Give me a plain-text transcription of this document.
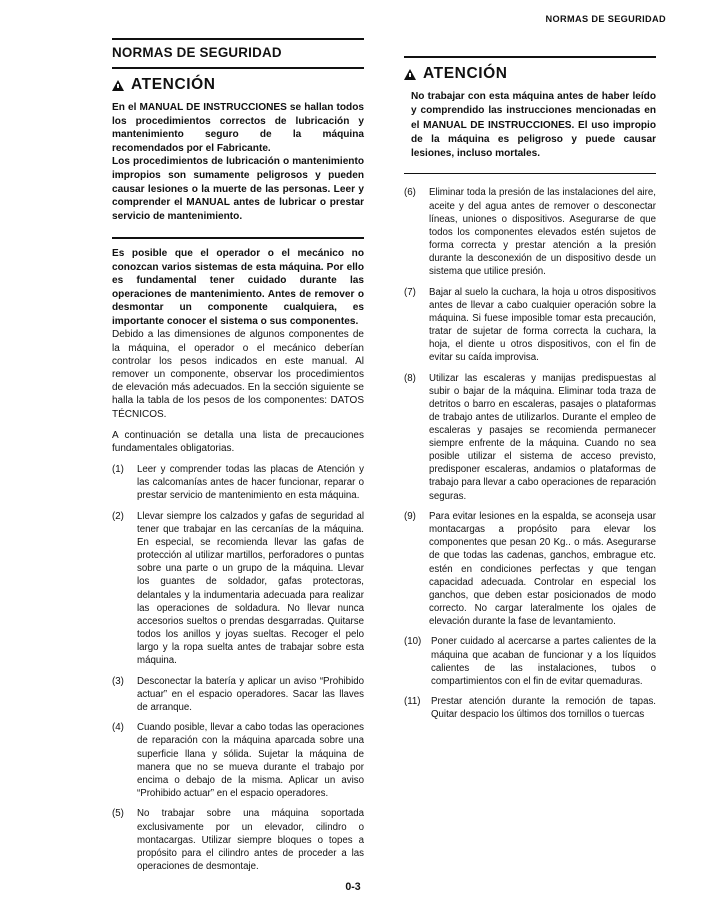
NORMAS DE SEGURIDAD
NORMAS DE SEGURIDAD
ATENCIÓN

En el MANUAL DE INSTRUCCIONES se hallan todos los procedimientos correctos de lubricación y mantenimiento seguro de la máquina recomendados por el Fabricante.

Los procedimientos de lubricación o mantenimiento impropios son sumamente peligrosos y pueden causar lesiones o la muerte de las personas. Leer y comprender el MANUAL antes de lubricar o prestar servicio de mantenimiento.

Es posible que el operador o el mecánico no conozcan varios sistemas de esta máquina. Por ello es fundamental tener cuidado durante las operaciones de mantenimiento. Antes de remover o desmontar un componente cualquiera, es importante conocer el sistema o sus componentes.

Debido a las dimensiones de algunos componentes de la máquina, el operador o el mecánico deberían controlar los pesos indicados en este manual. Al remover un componente, observar los procedimientos de elevación más adecuados. En la sección siguiente se halla la tabla de los pesos de los componentes: DATOS TÉCNICOS.

A continuación se detalla una lista de precauciones fundamentales obligatorias.

(1)	Leer y comprender todas las placas de Atención y las calcomanías antes de hacer funcionar, reparar o prestar servicio de mantenimiento en esta máquina.
(2)	Llevar siempre los calzados y gafas de seguridad al tener que trabajar en las cercanías de la máquina. En especial, se recomienda llevar las gafas de protección al utilizar martillos, perforadores o puntas sobre una parte o un grupo de la máquina. Llevar los guantes de soldador, gafas protectoras, delantales y la indumentaria adecuada para realizar las operaciones de soldadura. No llevar nunca accesorios sueltos o prendas desgarradas. Quitarse todos los anillos y joyas sueltas. Recoger el pelo largo y la ropa suelta antes de trabajar sobre esta máquina.
(3)	Desconectar la batería y aplicar un aviso “Prohibido actuar” en el espacio operadores. Sacar las llaves de arranque.
(4)	Cuando posible, llevar a cabo todas las operaciones de reparación con la máquina aparcada sobre una superficie llana y sólida. Sujetar la máquina de manera que no se mueva durante el trabajo por encima o debajo de la misma. Aplicar un aviso “Prohibido actuar” en el espacio operadores.
(5)	No trabajar sobre una máquina soportada exclusivamente por un elevador, cilindro o montacargas. Utilizar siempre bloques o topes a propósito para el cilindro antes de proceder a las operaciones de desmontaje.
ATENCIÓN

No trabajar con esta máquina antes de haber leído y comprendido las instrucciones mencionadas en el MANUAL DE INSTRUCCIONES. El uso impropio de la máquina es peligroso y puede causar lesiones, incluso mortales.

(6)	Eliminar toda la presión de las instalaciones del aire, aceite y del agua antes de remover o desconectar líneas, uniones o dispositivos. Asegurarse de que todos los componentes elevados estén sujetos de forma correcta y prestar atención a la presión durante la desconexión de un dispositivo desde un sistema que utilice presión.
(7)	Bajar al suelo la cuchara, la hoja u otros dispositivos antes de llevar a cabo cualquier operación sobre la máquina. Si fuese imposible tomar esta precaución, tratar de sujetar de forma correcta la cuchara, la hoja, el diente u otros dispositivos, con el fin de evitar su caída improvisa.
(8)	Utilizar las escaleras y manijas predispuestas al subir o bajar de la máquina. Eliminar toda traza de detritos o barro en escaleras, pasajes o plataformas de trabajo antes de utilizarlos. Durante el empleo de escaleras y pasajes se recomienda permanecer siempre enfrente de la máquina. Cuando no sea posible utilizar el sistema de acceso previsto, predisponer escaleras, andamios o plataformas de trabajo para llevar a cabo operaciones de reparación seguras.
(9)	Para evitar lesiones en la espalda, se aconseja usar montacargas a propósito para elevar los componentes que pesan 20 Kg.. o más. Asegurarse de que todas las cadenas, ganchos, embrague etc. estén en condiciones perfectas y que tengan capacidad adecuada. Controlar en especial los ganchos, que deben estar posicionados de modo correcto. No cargar lateralmente los ojales de elevación durante la fase de levantamiento.
(10)	Poner cuidado al acercarse a partes calientes de la máquina que acaban de funcionar y a los líquidos calientes de las instalaciones, tubos o compartimientos con el fin de evitar quemaduras.
(11)	Prestar atención durante la remoción de tapas. Quitar despacio los últimos dos tornillos o tuercas
0-3
